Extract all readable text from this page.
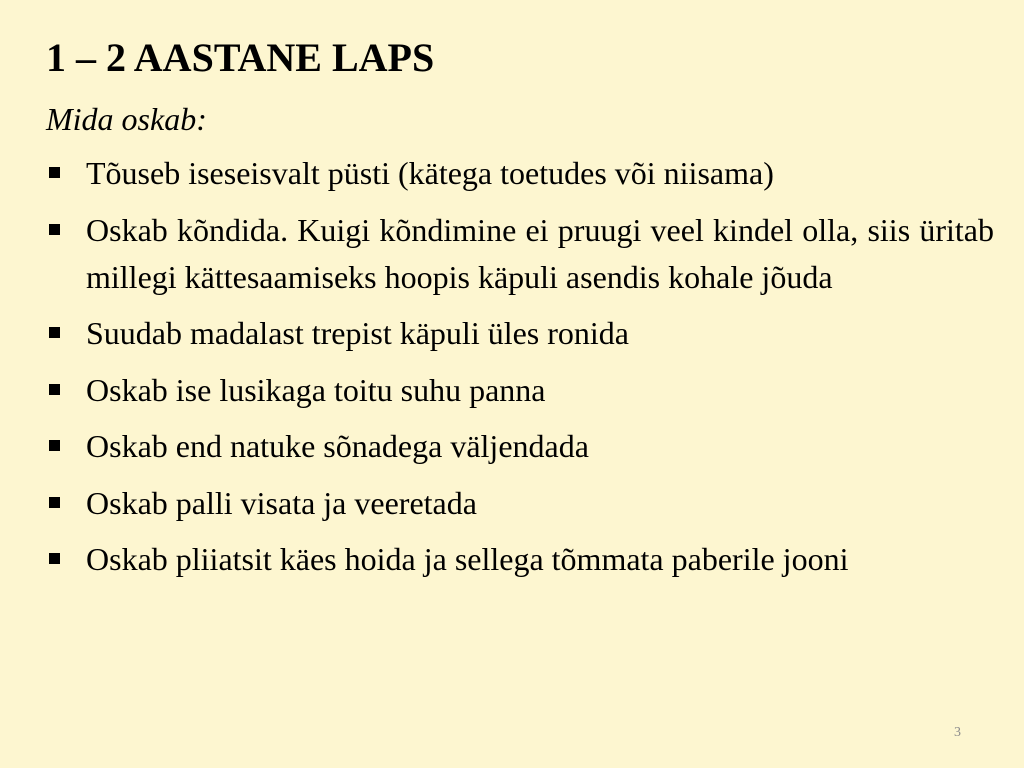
1 – 2 AASTANE LAPS
Mida oskab:
Tõuseb iseseisvalt püsti (kätega toetudes või niisama)
Oskab kõndida. Kuigi kõndimine ei pruugi veel kindel olla, siis üritab millegi kättesaamiseks hoopis käpuli asendis kohale jõuda
Suudab madalast trepist käpuli üles ronida
Oskab ise lusikaga toitu suhu panna
Oskab end natuke sõnadega väljendada
Oskab palli visata ja veeretada
Oskab pliiatsit käes hoida ja sellega tõmmata paberile jooni
3
